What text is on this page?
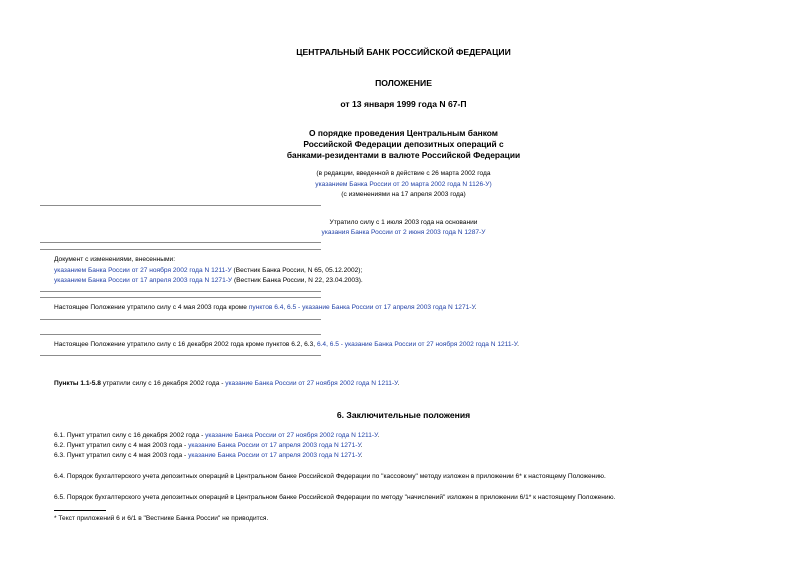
ЦЕНТРАЛЬНЫЙ БАНК РОССИЙСКОЙ ФЕДЕРАЦИИ
ПОЛОЖЕНИЕ
от 13 января 1999 года N 67-П
О порядке проведения Центральным банком
Российской Федерации депозитных операций с
банками-резидентами в валюте Российской Федерации
(в редакции, введенной в действие с 26 марта 2002 года
указанием Банка России от 20 марта 2002 года N 1126-У)
(с изменениями на 17 апреля 2003 года)
Утратило силу с 1 июля 2003 года на основании
указания Банка России от 2 июня 2003 года N 1287-У
Документ с изменениями, внесенными:
указанием Банка России от 27 ноября 2002 года N 1211-У (Вестник Банка России, N 65, 05.12.2002);
указанием Банка России от 17 апреля 2003 года N 1271-У (Вестник Банка России, N 22, 23.04.2003).
Настоящее Положение утратило силу с 4 мая 2003 года кроме пунктов 6.4, 6.5 - указание Банка России от 17 апреля 2003 года N 1271-У.
Настоящее Положение утратило силу с 16 декабря 2002 года кроме пунктов 6.2, 6.3, 6.4, 6.5 - указание Банка России от 27 ноября 2002 года N 1211-У.
Пункты 1.1-5.8 утратили силу с 16 декабря 2002 года - указание Банка России от 27 ноября 2002 года N 1211-У.
6. Заключительные положения
6.1. Пункт утратил силу с 16 декабря 2002 года - указание Банка России от 27 ноября 2002 года N 1211-У.
6.2. Пункт утратил силу с 4 мая 2003 года - указание Банка России от 17 апреля 2003 года N 1271-У.
6.3. Пункт утратил силу с 4 мая 2003 года - указание Банка России от 17 апреля 2003 года N 1271-У.
6.4. Порядок бухгалтерского учета депозитных операций в Центральном банке Российской Федерации по "кассовому" методу изложен в приложении 6* к настоящему Положению.
6.5. Порядок бухгалтерского учета депозитных операций в Центральном банке Российской Федерации по методу "начислений" изложен в приложении 6/1* к настоящему Положению.
* Текст приложений 6 и 6/1 в "Вестнике Банка России" не приводится.
